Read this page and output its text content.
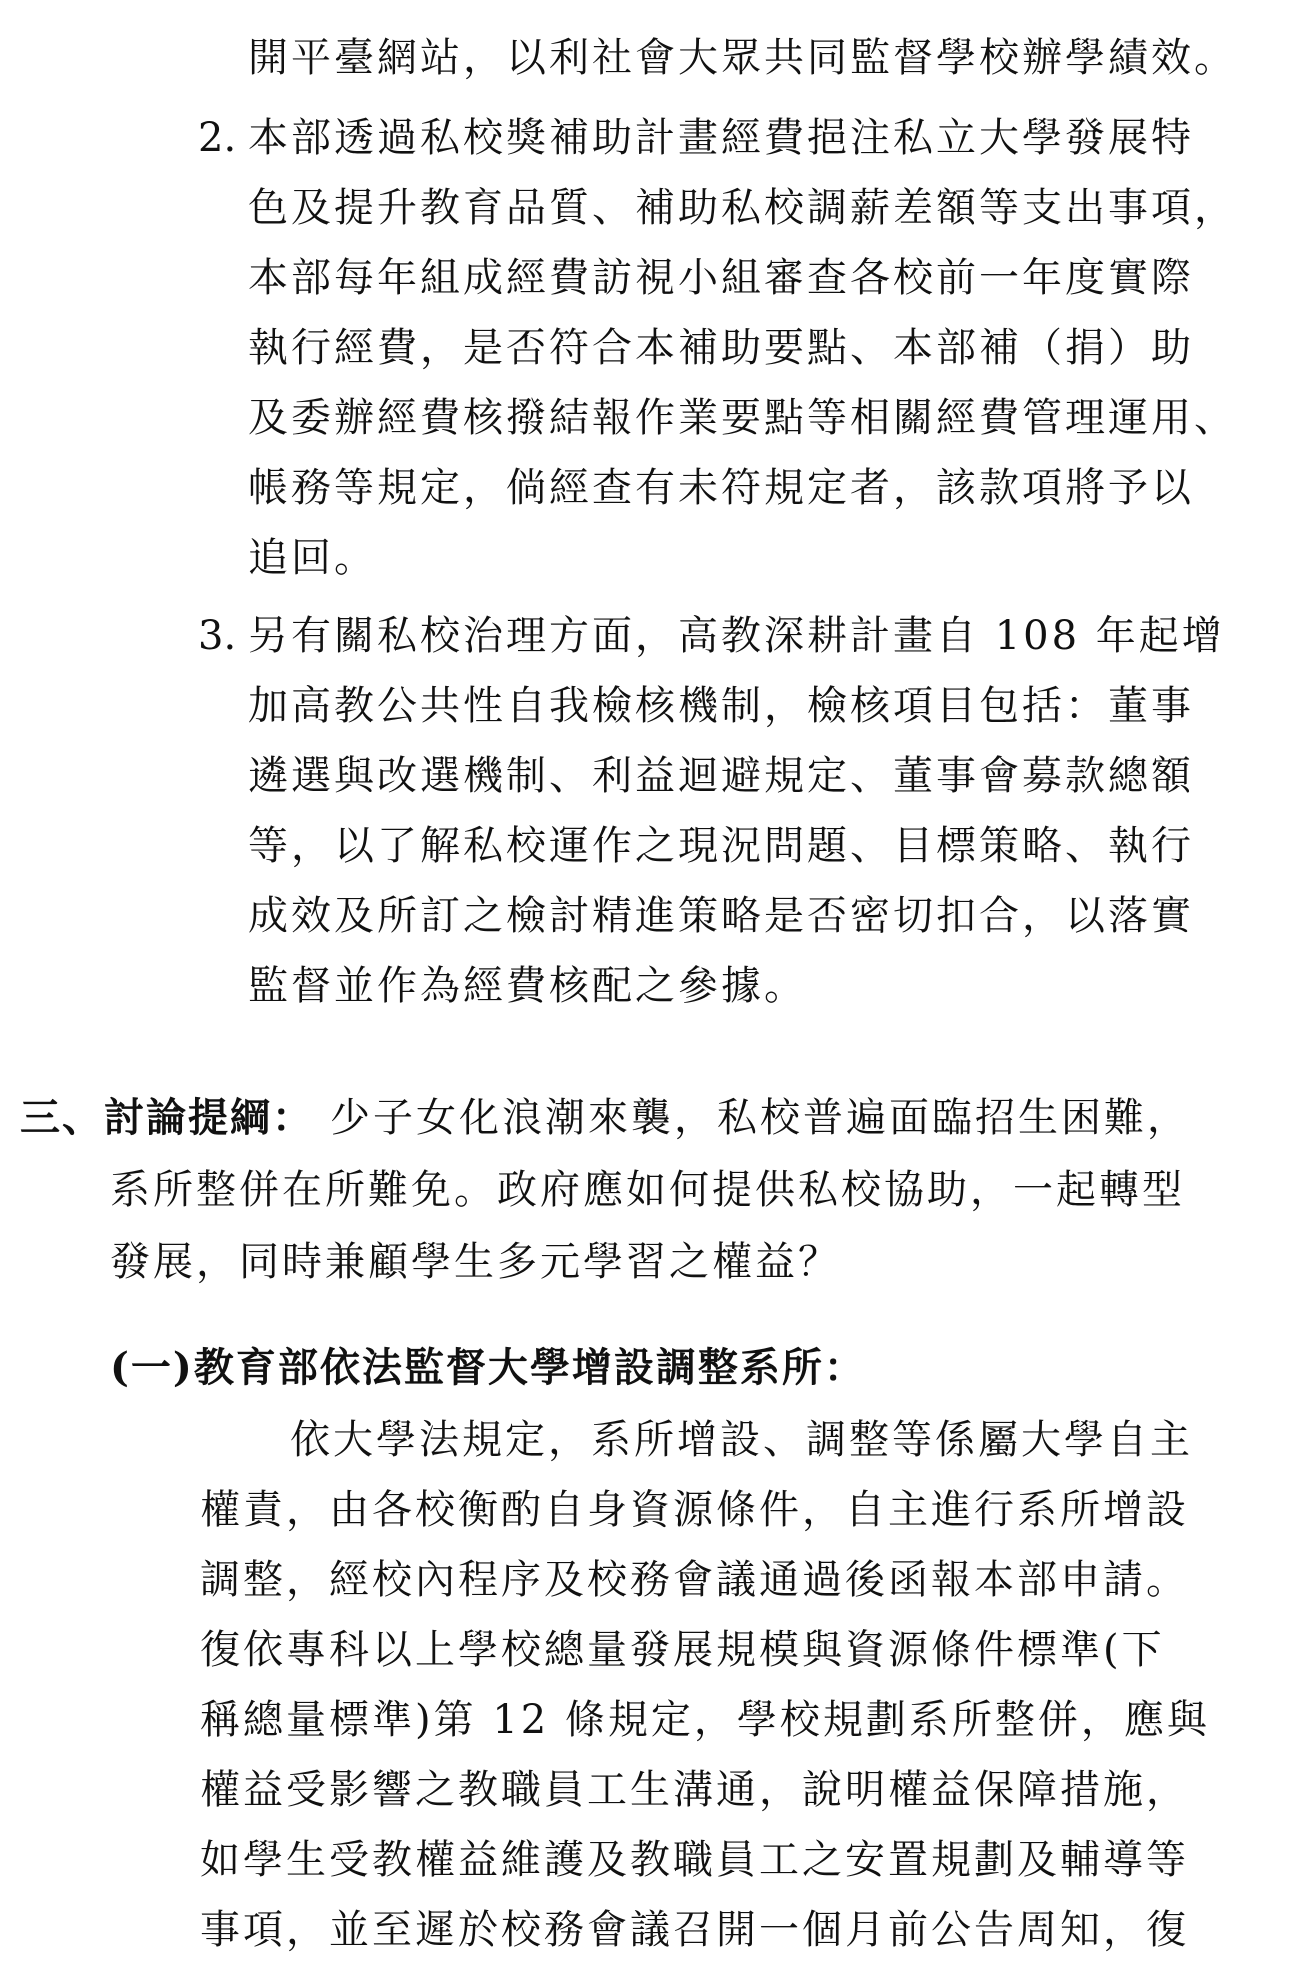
開平臺網站，以利社會大眾共同監督學校辦學績效。
2. 本部透過私校獎補助計畫經費挹注私立大學發展特
色及提升教育品質、補助私校調薪差額等支出事項，
本部每年組成經費訪視小組審查各校前一年度實際
執行經費，是否符合本補助要點、本部補（捐）助
及委辦經費核撥結報作業要點等相關經費管理運用、
帳務等規定，倘經查有未符規定者，該款項將予以
追回。
3. 另有關私校治理方面，高教深耕計畫自 108 年起增
加高教公共性自我檢核機制，檢核項目包括：董事
遴選與改選機制、利益迴避規定、董事會募款總額
等，以了解私校運作之現況問題、目標策略、執行
成效及所訂之檢討精進策略是否密切扣合，以落實
監督並作為經費核配之參據。
三、討論提綱： 少子女化浪潮來襲，私校普遍面臨招生困難，
系所整併在所難免。政府應如何提供私校協助，一起轉型
發展，同時兼顧學生多元學習之權益？
(一)教育部依法監督大學增設調整系所：
依大學法規定，系所增設、調整等係屬大學自主
權責，由各校衡酌自身資源條件，自主進行系所增設
調整，經校內程序及校務會議通過後函報本部申請。
復依專科以上學校總量發展規模與資源條件標準(下
稱總量標準)第 12 條規定，學校規劃系所整併，應與
權益受影響之教職員工生溝通，說明權益保障措施，
如學生受教權益維護及教職員工之安置規劃及輔導等
事項，並至遲於校務會議召開一個月前公告周知，復
